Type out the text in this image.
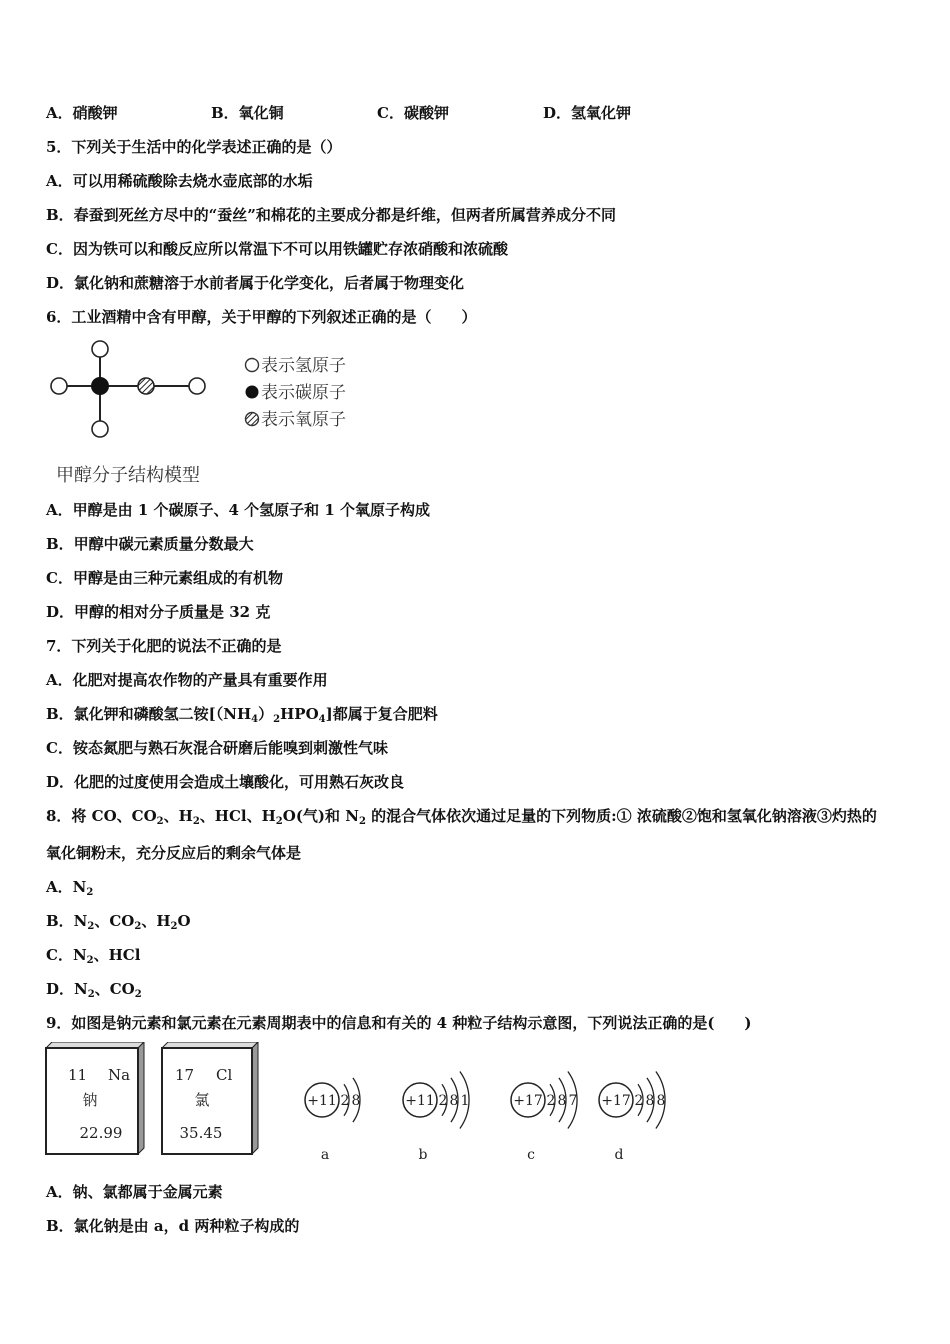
A．硝酸钾	B．氧化铜	C．碳酸钾	D．氢氧化钾
5．下列关于生活中的化学表述正确的是（）
A．可以用稀硫酸除去烧水壶底部的水垢
B．春蚕到死丝方尽中的“蚕丝”和棉花的主要成分都是纤维，但两者所属营养成分不同
C．因为铁可以和酸反应所以常温下不可以用铁罐贮存浓硝酸和浓硫酸
D．氯化钠和蔗糖溶于水前者属于化学变化，后者属于物理变化
6．工业酒精中含有甲醇，关于甲醇的下列叙述正确的是（　　）
表示氢原子
表示碳原子
表示氧原子
甲醇分子结构模型
A．甲醇是由 1 个碳原子、4 个氢原子和 1 个氧原子构成
B．甲醇中碳元素质量分数最大
C．甲醇是由三种元素组成的有机物
D．甲醇的相对分子质量是 32 克
7．下列关于化肥的说法不正确的是
A．化肥对提高农作物的产量具有重要作用
B．氯化钾和磷酸氢二铵$[(NH_4)_2HPO_4]$都属于复合肥料
C．铵态氮肥与熟石灰混合研磨后能嗅到刺激性气味
D．化肥的过度使用会造成土壤酸化，可用熟石灰改良
8．将 CO、$CO_2$、$H_2$、HCl、$H_2O$(气)和 $N_2$ 的混合气体依次通过足量的下列物质:① 浓硫酸②饱和氢氧化钠溶液③灼热的
氧化铜粉末，充分反应后的剩余气体是
A．$N_2$
B．$N_2$、$CO_2$、$H_2O$
C．$N_2$、HCl
D．$N_2$、$CO_2$
9．如图是钠元素和氯元素在元素周期表中的信息和有关的 4 种粒子结构示意图，下列说法正确的是(　　)
11 Na
钠
22.99
17 Cl
氯
35.45
+11 2 8
a
+11 2 8 1
b
+17 2 8 7
c
+17 2 8 8
d
A．钠、氯都属于金属元素
B．氯化钠是由 a，d 两种粒子构成的
